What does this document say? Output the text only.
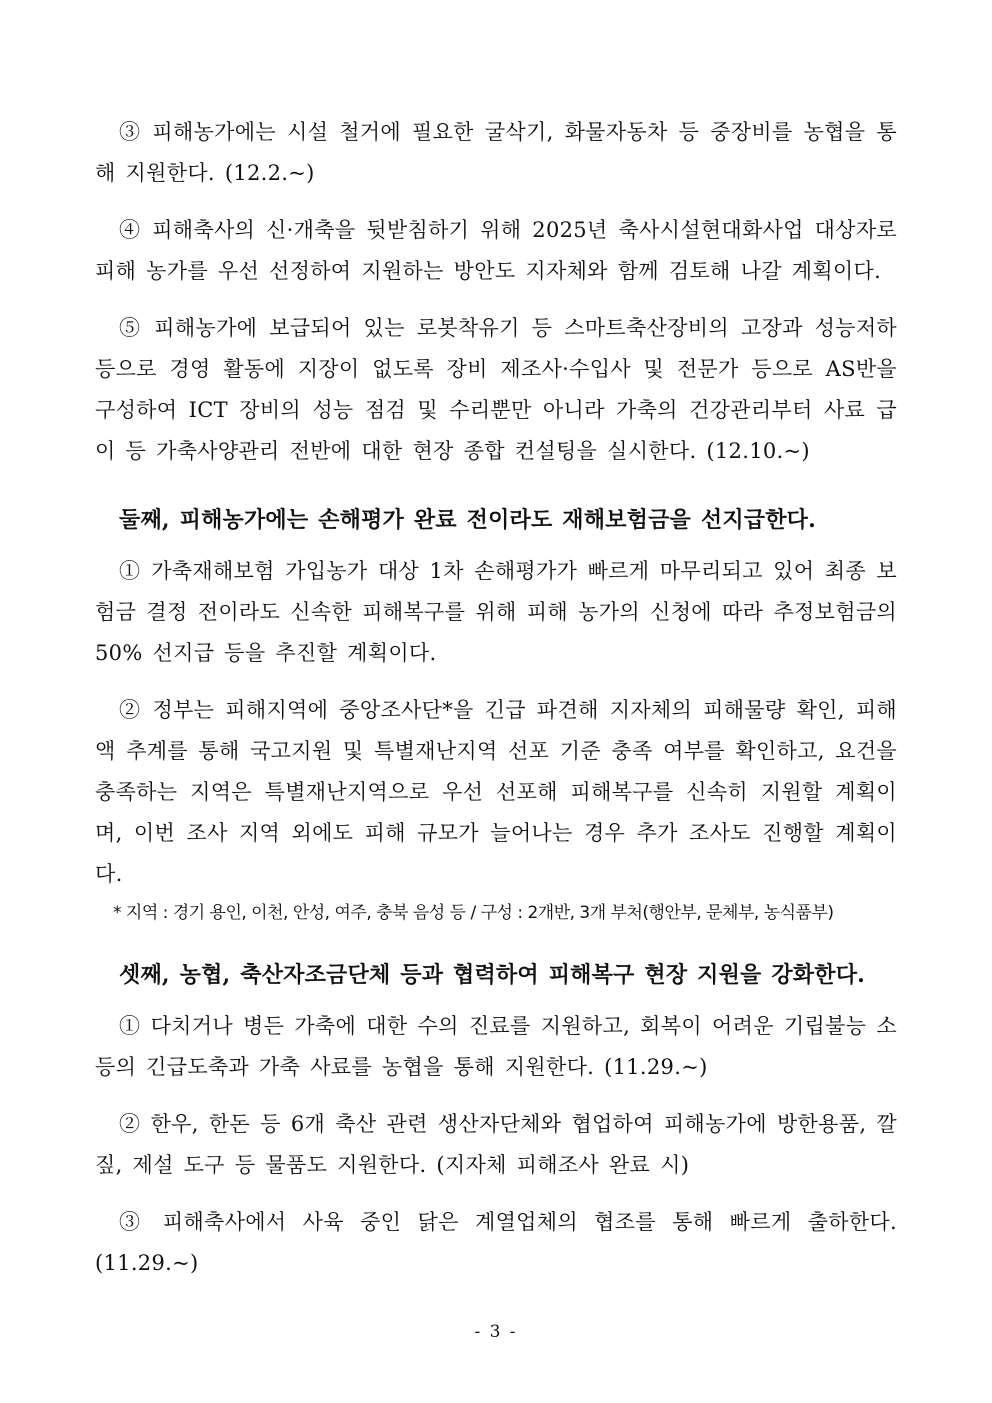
③ 피해농가에는 시설 철거에 필요한 굴삭기, 화물자동차 등 중장비를 농협을 통해 지원한다. (12.2.~)

④ 피해축사의 신·개축을 뒷받침하기 위해 2025년 축사시설현대화사업 대상자로 피해 농가를 우선 선정하여 지원하는 방안도 지자체와 함께 검토해 나갈 계획이다.

⑤ 피해농가에 보급되어 있는 로봇착유기 등 스마트축산장비의 고장과 성능저하 등으로 경영 활동에 지장이 없도록 장비 제조사·수입사 및 전문가 등으로 AS반을 구성하여 ICT 장비의 성능 점검 및 수리뿐만 아니라 가축의 건강관리부터 사료 급이 등 가축사양관리 전반에 대한 현장 종합 컨설팅을 실시한다. (12.10.~)

둘째, 피해농가에는 손해평가 완료 전이라도 재해보험금을 선지급한다.

① 가축재해보험 가입농가 대상 1차 손해평가가 빠르게 마무리되고 있어 최종 보험금 결정 전이라도 신속한 피해복구를 위해 피해 농가의 신청에 따라 추정보험금의 50% 선지급 등을 추진할 계획이다.

② 정부는 피해지역에 중앙조사단*을 긴급 파견해 지자체의 피해물량 확인, 피해액 추계를 통해 국고지원 및 특별재난지역 선포 기준 충족 여부를 확인하고, 요건을 충족하는 지역은 특별재난지역으로 우선 선포해 피해복구를 신속히 지원할 계획이며, 이번 조사 지역 외에도 피해 규모가 늘어나는 경우 추가 조사도 진행할 계획이다.

* 지역 : 경기 용인, 이천, 안성, 여주, 충북 음성 등 / 구성 : 2개반, 3개 부처(행안부, 문체부, 농식품부)
셋째, 농협, 축산자조금단체 등과 협력하여 피해복구 현장 지원을 강화한다.

① 다치거나 병든 가축에 대한 수의 진료를 지원하고, 회복이 어려운 기립불능 소 등의 긴급도축과 가축 사료를 농협을 통해 지원한다. (11.29.~)

② 한우, 한돈 등 6개 축산 관련 생산자단체와 협업하여 피해농가에 방한용품, 깔짚, 제설 도구 등 물품도 지원한다. (지자체 피해조사 완료 시)

③ 피해축사에서 사육 중인 닭은 계열업체의 협조를 통해 빠르게 출하한다. (11.29.~)

- 3 -
